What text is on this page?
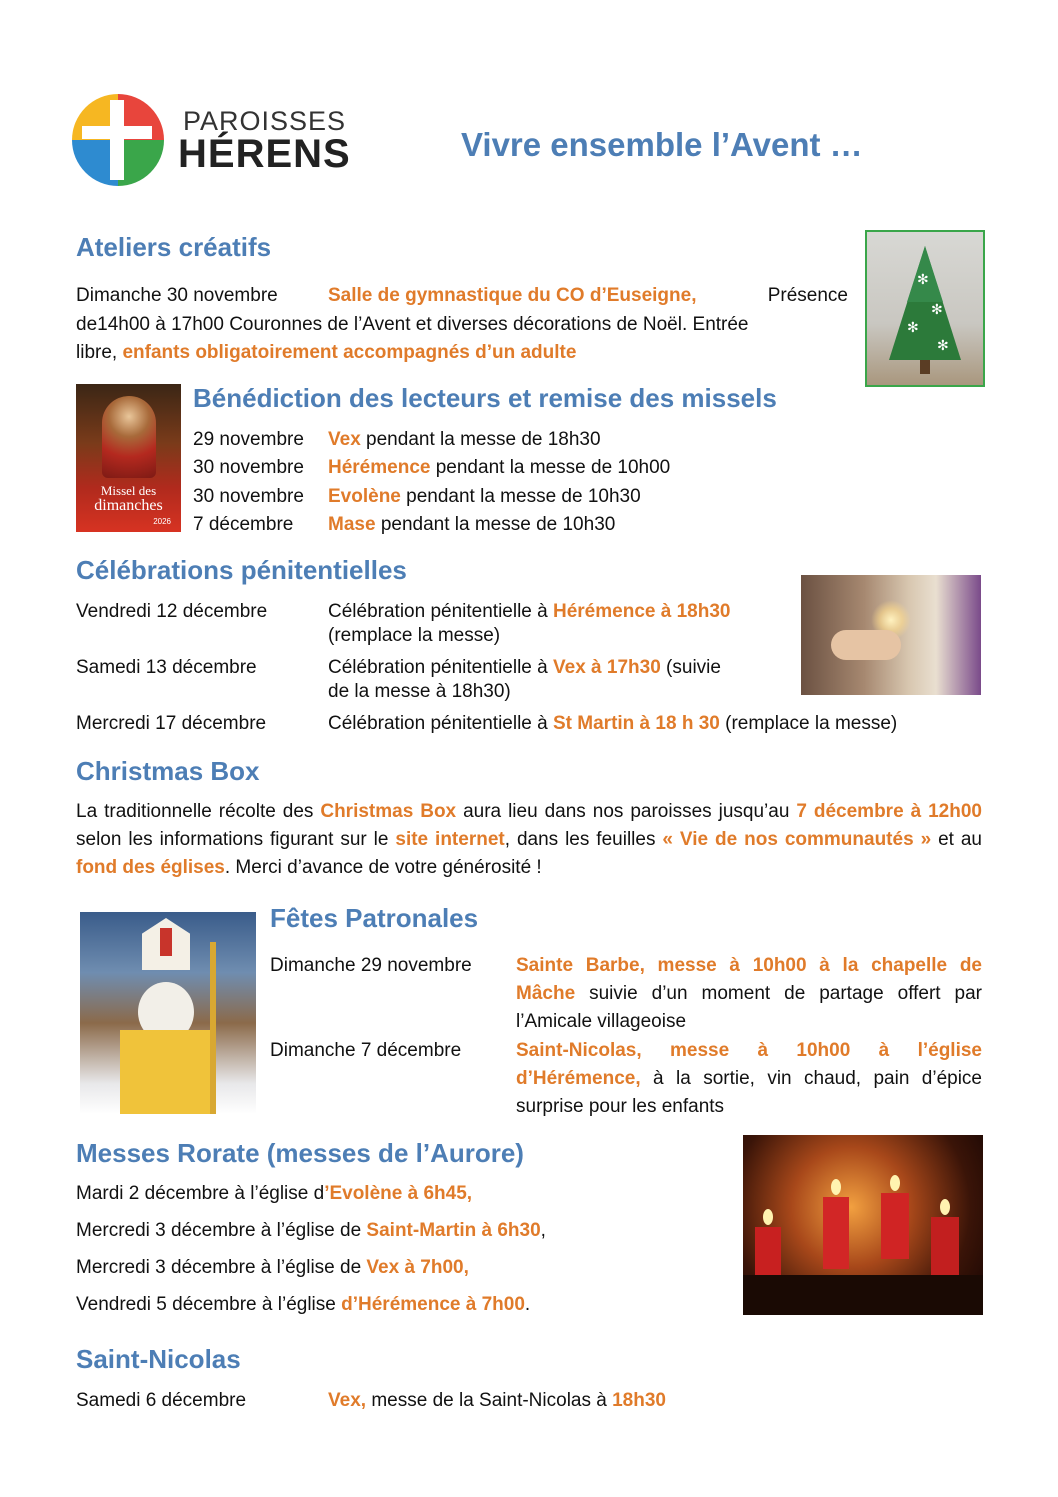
PAROISSES
HÉRENS	Vivre ensemble l’Avent …
Ateliers créatifs
Dimanche 30 novembre	Salle de gymnastique du CO d’Euseigne,	Présence
de14h00 à 17h00 Couronnes de l’Avent et diverses décorations de Noël. Entrée
libre, enfants obligatoirement accompagnés d’un adulte
✻
✻
✻
✻
Missel des
dimanches
2026
Bénédiction des lecteurs et remise des missels
29 novembre Vex pendant la messe de 18h30
30 novembre Hérémence pendant la messe de 10h00
30 novembre Evolène pendant la messe de 10h30
7 décembre Mase pendant la messe de 10h30
Célébrations pénitentielles
Vendredi 12 décembre	Célébration pénitentielle à Hérémence à 18h30
(remplace la messe)
Samedi 13 décembre	Célébration pénitentielle à Vex à 17h30 (suivie
de la messe à 18h30)
Mercredi 17 décembre	Célébration pénitentielle à St Martin à 18 h 30 (remplace la messe)
Christmas Box
La traditionnelle récolte des Christmas Box aura lieu dans nos paroisses jusqu’au 7 décembre à 12h00 selon les informations figurant sur le site internet, dans les feuilles « Vie de nos communautés » et au fond des églises. Merci d’avance de votre générosité !
Fêtes Patronales
Dimanche 29 novembre Sainte Barbe, messe à 10h00 à la chapelle de Mâche suivie d’un moment de partage offert par l’Amicale villageoise
Dimanche 7 décembre	Saint-Nicolas, messe à 10h00 à l’église d’Hérémence, à la sortie, vin chaud, pain d’épice surprise pour les enfants
Messes Rorate (messes de l’Aurore)
Mardi 2 décembre à l’église d’Evolène à 6h45,
Mercredi 3 décembre à l’église de Saint-Martin à 6h30,
Mercredi 3 décembre à l’église de Vex à 7h00,
Vendredi 5 décembre à l’église d’Hérémence à 7h00.
Saint-Nicolas
Samedi 6 décembre	Vex, messe de la Saint-Nicolas à 18h30
